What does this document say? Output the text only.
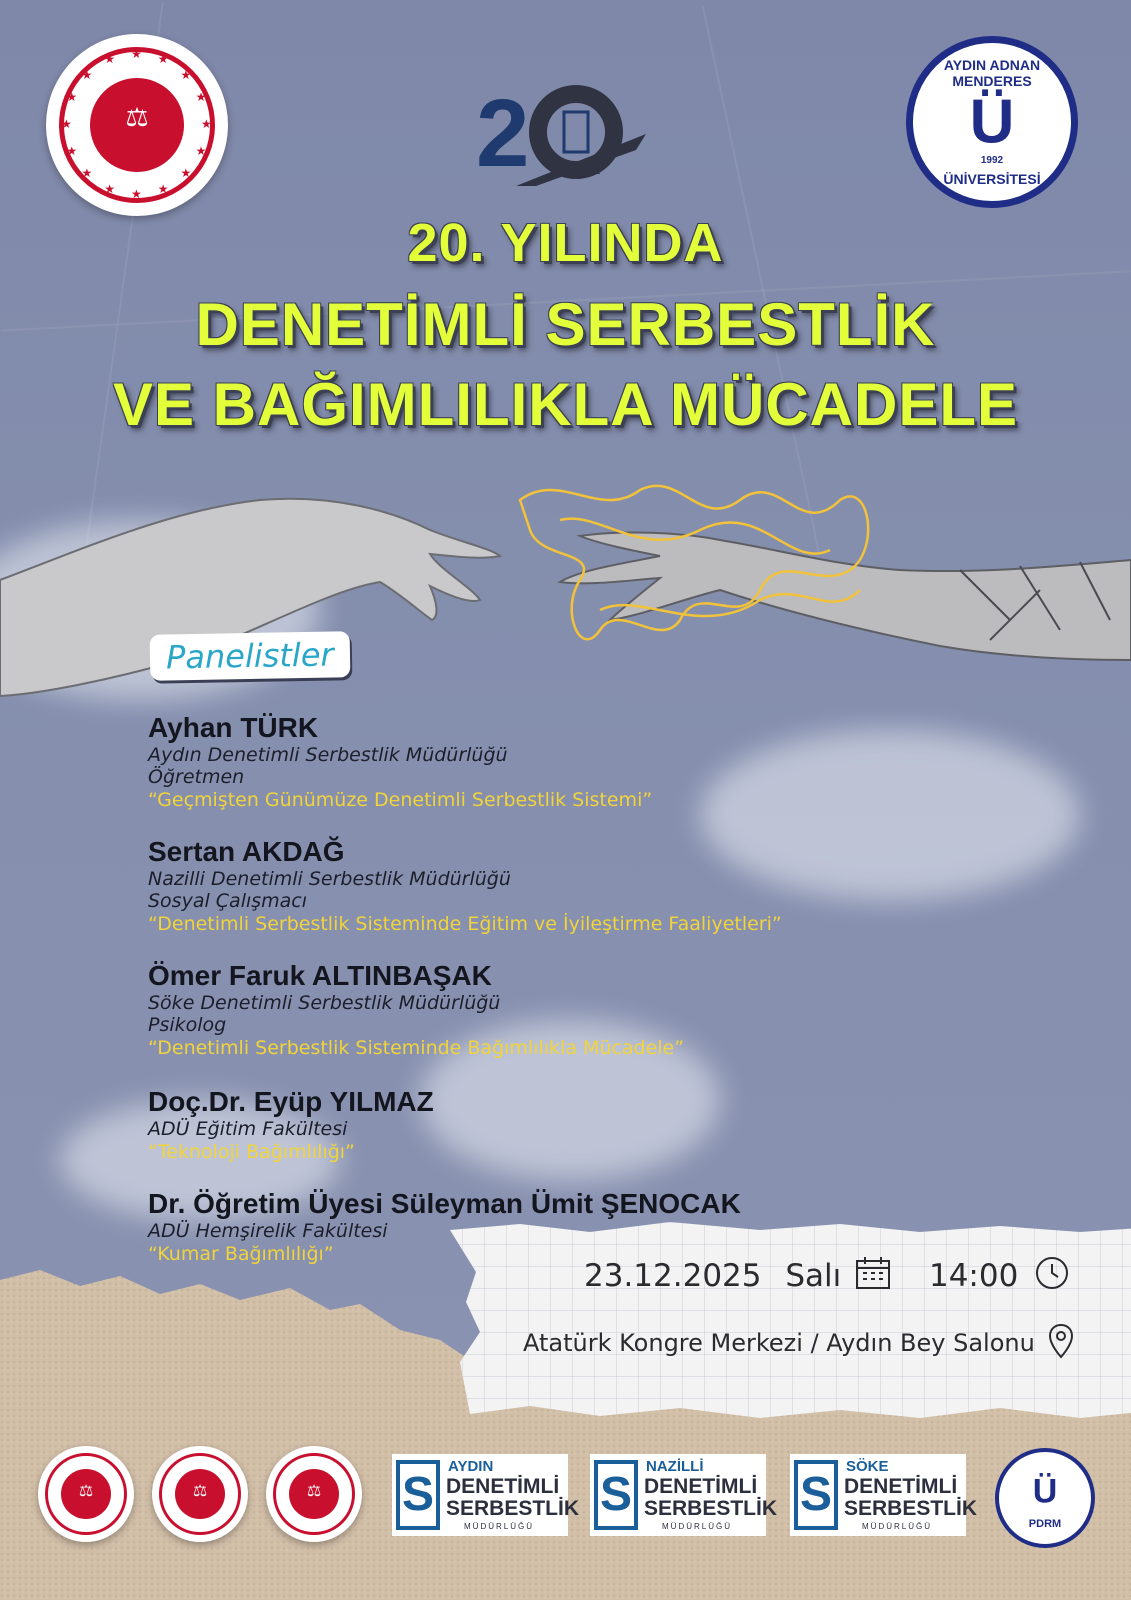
⚖	★
★
★
★
★
★
★
★
★
★
★
★ ★ ★
★
★	2	yıl
AYDIN ADNAN MENDERES
Ü
1992
ÜNİVERSİTESİ
20. YILINDA
DENETİMLİ SERBESTLİK
VE BAĞIMLILIKLA MÜCADELE
Panelistler
Ayhan TÜRK
Aydın Denetimli Serbestlik Müdürlüğü
Öğretmen
“Geçmişten Günümüze Denetimli Serbestlik Sistemi”
Sertan AKDAĞ
Nazilli Denetimli Serbestlik Müdürlüğü
Sosyal Çalışmacı
“Denetimli Serbestlik Sisteminde Eğitim ve İyileştirme Faaliyetleri”
Ömer Faruk ALTINBAŞAK
Söke Denetimli Serbestlik Müdürlüğü
Psikolog
“Denetimli Serbestlik Sisteminde Bağımlılıkla Mücadele”
Doç.Dr. Eyüp YILMAZ
ADÜ Eğitim Fakültesi
“Teknoloji Bağımlılığı”
Dr. Öğretim Üyesi Süleyman Ümit ŞENOCAK
ADÜ Hemşirelik Fakültesi
“Kumar Bağımlılığı”
23.12.2025 Salı	14:00
Atatürk Kongre Merkezi / Aydın Bey Salonu
⚖	⚖	⚖	S
AYDIN
DENETİMLİ
SERBESTLİK
MÜDÜRLÜĞÜ
S
NAZİLLİ
DENETİMLİ
SERBESTLİK
MÜDÜRLÜĞÜ
S
SÖKE
DENETİMLİ
SERBESTLİK
MÜDÜRLÜĞÜ
Ü
PDRM
